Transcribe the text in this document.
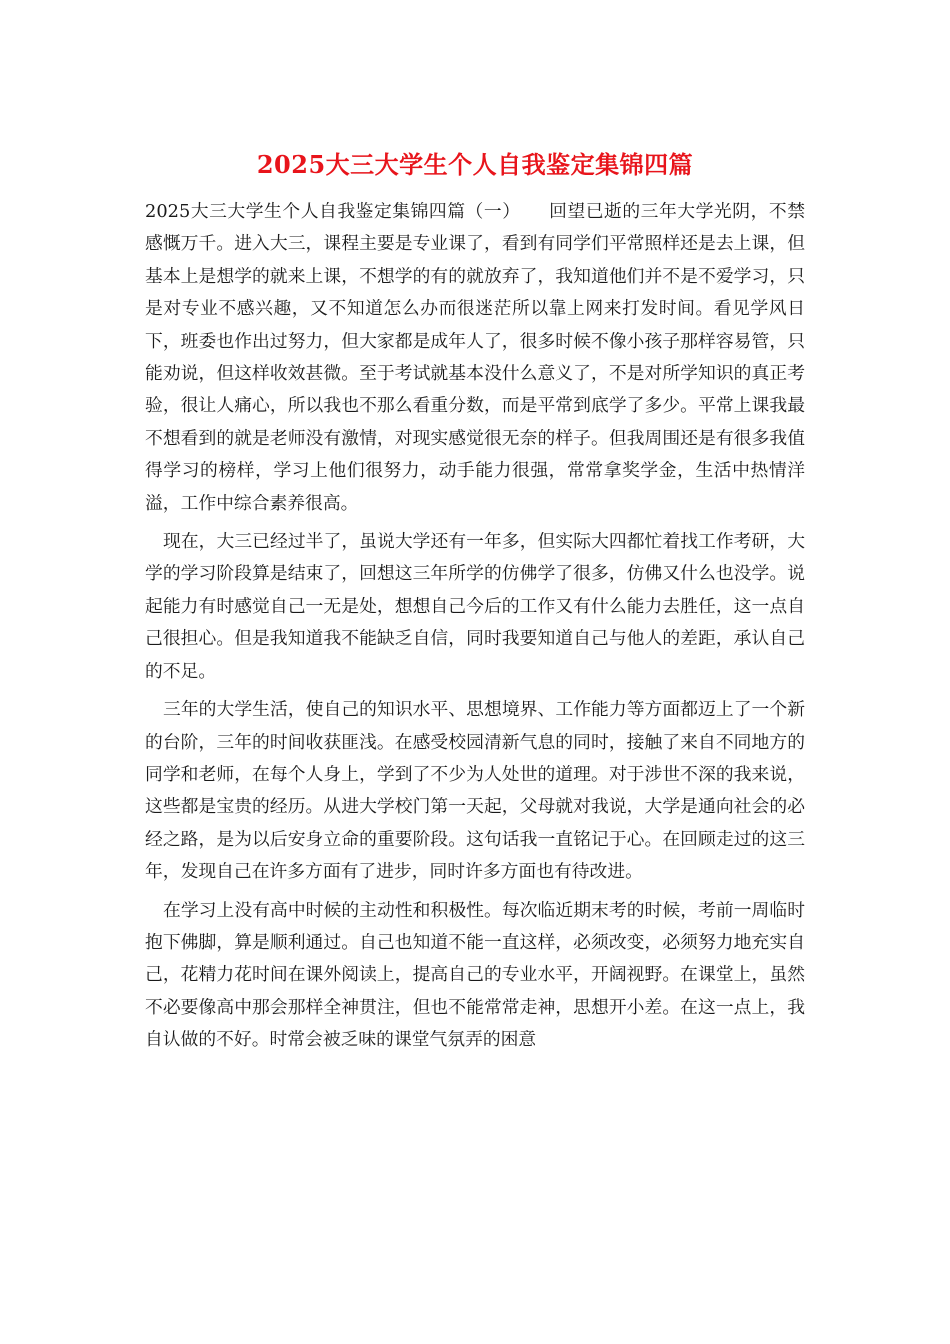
2025大三大学生个人自我鉴定集锦四篇

2025大三大学生个人自我鉴定集锦四篇（一） 回望已逝的三年大学光阴，不禁感慨万千。进入大三，课程主要是专业课了，看到有同学们平常照样还是去上课，但基本上是想学的就来上课，不想学的有的就放弃了，我知道他们并不是不爱学习，只是对专业不感兴趣，又不知道怎么办而很迷茫所以靠上网来打发时间。看见学风日下，班委也作出过努力，但大家都是成年人了，很多时候不像小孩子那样容易管，只能劝说，但这样收效甚微。至于考试就基本没什么意义了，不是对所学知识的真正考验，很让人痛心，所以我也不那么看重分数，而是平常到底学了多少。平常上课我最不想看到的就是老师没有激情，对现实感觉很无奈的样子。但我周围还是有很多我值得学习的榜样，学习上他们很努力，动手能力很强，常常拿奖学金，生活中热情洋溢，工作中综合素养很高。

现在，大三已经过半了，虽说大学还有一年多，但实际大四都忙着找工作考研，大学的学习阶段算是结束了，回想这三年所学的仿佛学了很多，仿佛又什么也没学。说起能力有时感觉自己一无是处，想想自己今后的工作又有什么能力去胜任，这一点自己很担心。但是我知道我不能缺乏自信，同时我要知道自己与他人的差距，承认自己的不足。

三年的大学生活，使自己的知识水平、思想境界、工作能力等方面都迈上了一个新的台阶，三年的时间收获匪浅。在感受校园清新气息的同时，接触了来自不同地方的同学和老师，在每个人身上，学到了不少为人处世的道理。对于涉世不深的我来说，这些都是宝贵的经历。从进大学校门第一天起，父母就对我说，大学是通向社会的必经之路，是为以后安身立命的重要阶段。这句话我一直铭记于心。在回顾走过的这三年，发现自己在许多方面有了进步，同时许多方面也有待改进。

在学习上没有高中时候的主动性和积极性。每次临近期末考的时候，考前一周临时抱下佛脚，算是顺利通过。自己也知道不能一直这样，必须改变，必须努力地充实自己，花精力花时间在课外阅读上，提高自己的专业水平，开阔视野。在课堂上，虽然不必要像高中那会那样全神贯注，但也不能常常走神，思想开小差。在这一点上，我自认做的不好。时常会被乏味的课堂气氛弄的困意
